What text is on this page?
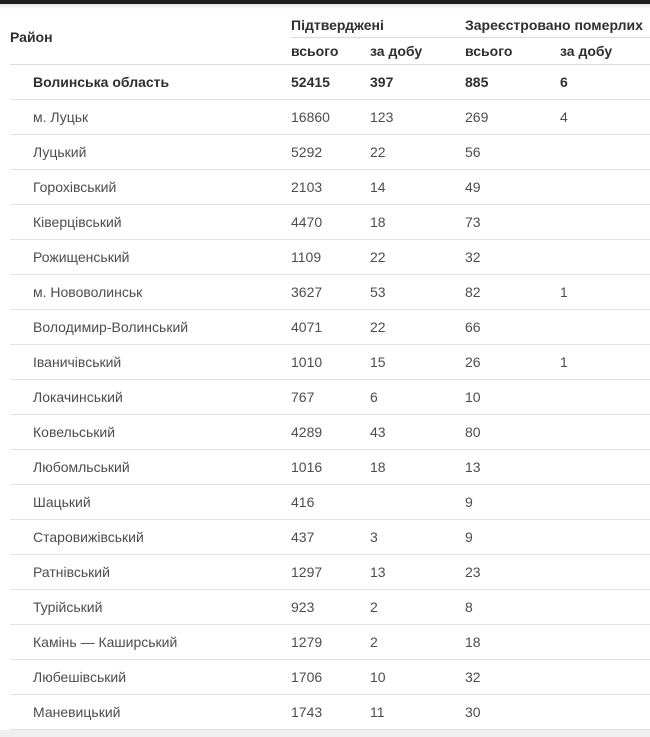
Район	Підтверджені		Зареєстровано померлих	
	всього	за добу	всього	за добу
Волинська область	52415	397	885	6
м. Луцьк	16860	123	269	4
Луцький	5292	22	56	
Горохівський	2103	14	49	
Ківерцівський	4470	18	73	
Рожищенський	1109	22	32	
м. Нововолинськ	3627	53	82	1
Володимир-Волинський	4071	22	66	
Іваничівський	1010	15	26	1
Локачинський	767	6	10	
Ковельський	4289	43	80	
Любомльський	1016	18	13	
Шацький	416		9	
Старовижівський	437	3	9	
Ратнівський	1297	13	23	
Турійський	923	2	8	
Камінь — Каширський	1279	2	18	
Любешівський	1706	10	32	
Маневицький	1743	11	30	
